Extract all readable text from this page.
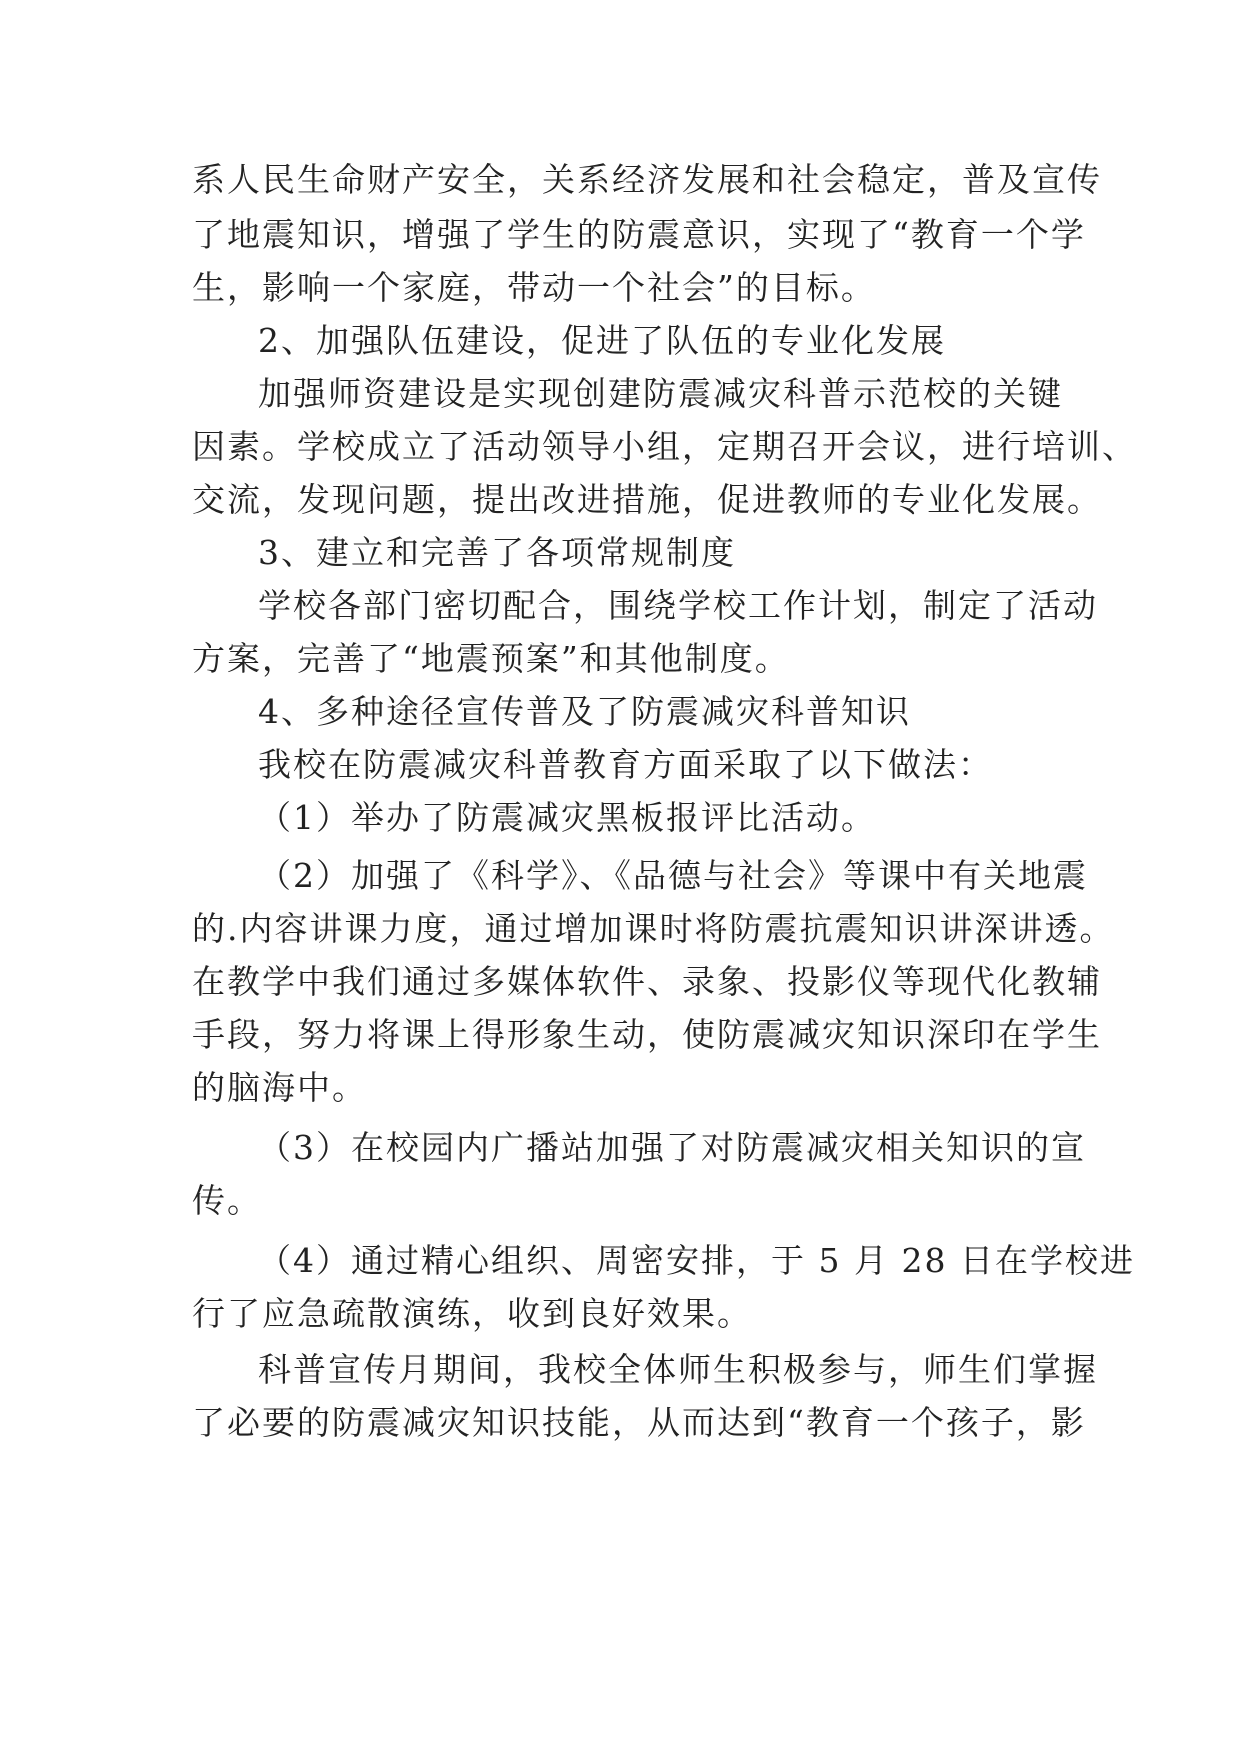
系人民生命财产安全，关系经济发展和社会稳定，普及宣传
了地震知识，增强了学生的防震意识，实现了“教育一个学
生，影响一个家庭，带动一个社会”的目标。
2、加强队伍建设，促进了队伍的专业化发展
加强师资建设是实现创建防震减灾科普示范校的关键
因素。学校成立了活动领导小组，定期召开会议，进行培训、
交流，发现问题，提出改进措施，促进教师的专业化发展。
3、建立和完善了各项常规制度
学校各部门密切配合，围绕学校工作计划，制定了活动
方案，完善了“地震预案”和其他制度。
4、多种途径宣传普及了防震减灾科普知识
我校在防震减灾科普教育方面采取了以下做法：
（1）举办了防震减灾黑板报评比活动。
（2）加强了《科学》、《品德与社会》等课中有关地震
的.内容讲课力度，通过增加课时将防震抗震知识讲深讲透。
在教学中我们通过多媒体软件、录象、投影仪等现代化教辅
手段，努力将课上得形象生动，使防震减灾知识深印在学生
的脑海中。
（3）在校园内广播站加强了对防震减灾相关知识的宣
传。
（4）通过精心组织、周密安排，于 5 月 28 日在学校进
行了应急疏散演练，收到良好效果。
科普宣传月期间，我校全体师生积极参与，师生们掌握
了必要的防震减灾知识技能，从而达到“教育一个孩子，影
